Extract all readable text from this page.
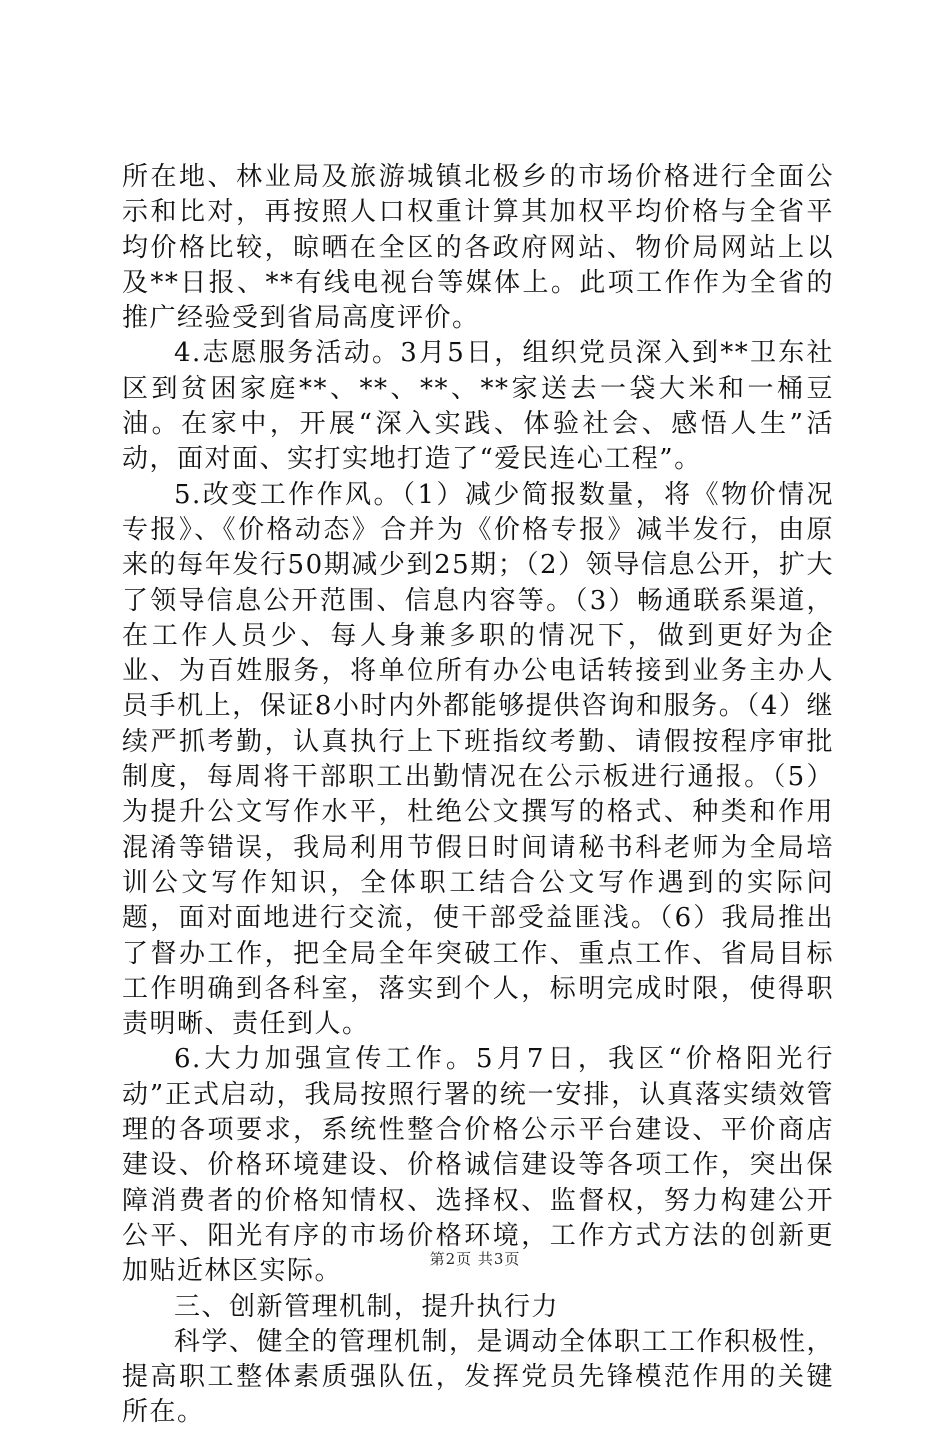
所在地、林业局及旅游城镇北极乡的市场价格进行全面公示和比对，再按照人口权重计算其加权平均价格与全省平均价格比较，晾晒在全区的各政府网站、物价局网站上以及**日报、**有线电视台等媒体上。此项工作作为全省的推广经验受到省局高度评价。

4.志愿服务活动。3月5日，组织党员深入到**卫东社区到贫困家庭**、**、**、**家送去一袋大米和一桶豆油。在家中，开展“深入实践、体验社会、感悟人生”活动，面对面、实打实地打造了“爱民连心工程”。

5.改变工作作风。（1）减少简报数量，将《物价情况专报》、《价格动态》合并为《价格专报》减半发行，由原来的每年发行50期减少到25期；（2）领导信息公开，扩大了领导信息公开范围、信息内容等。（3）畅通联系渠道，在工作人员少、每人身兼多职的情况下，做到更好为企业、为百姓服务，将单位所有办公电话转接到业务主办人员手机上，保证8小时内外都能够提供咨询和服务。（4）继续严抓考勤，认真执行上下班指纹考勤、请假按程序审批制度，每周将干部职工出勤情况在公示板进行通报。（5）为提升公文写作水平，杜绝公文撰写的格式、种类和作用混淆等错误，我局利用节假日时间请秘书科老师为全局培训公文写作知识，全体职工结合公文写作遇到的实际问题，面对面地进行交流，使干部受益匪浅。（6）我局推出了督办工作，把全局全年突破工作、重点工作、省局目标工作明确到各科室，落实到个人，标明完成时限，使得职责明晰、责任到人。

6.大力加强宣传工作。5月7日，我区“价格阳光行动”正式启动，我局按照行署的统一安排，认真落实绩效管理的各项要求，系统性整合价格公示平台建设、平价商店建设、价格环境建设、价格诚信建设等各项工作，突出保障消费者的价格知情权、选择权、监督权，努力构建公开公平、阳光有序的市场价格环境，工作方式方法的创新更加贴近林区实际。

三、创新管理机制，提升执行力

科学、健全的管理机制，是调动全体职工工作积极性，提高职工整体素质强队伍，发挥党员先锋模范作用的关键所在。

第2页 共3页
